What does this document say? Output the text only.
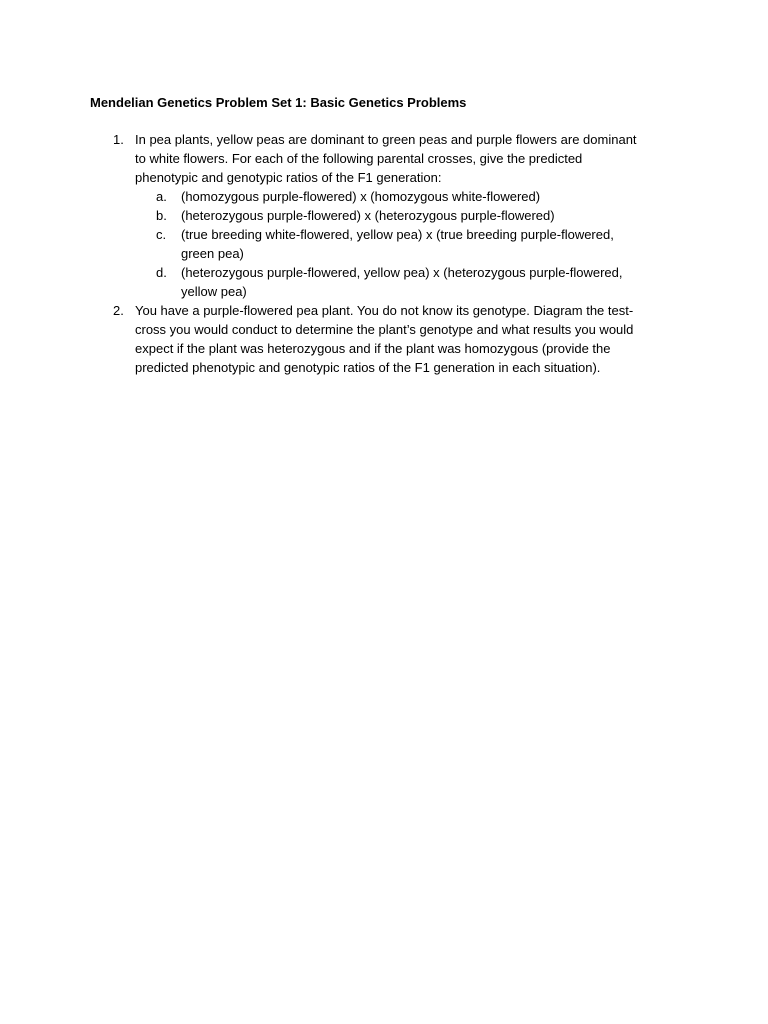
Mendelian Genetics Problem Set 1: Basic Genetics Problems
1. In pea plants, yellow peas are dominant to green peas and purple flowers are dominant
to white flowers. For each of the following parental crosses, give the predicted
phenotypic and genotypic ratios of the F1 generation:
a. (homozygous purple-flowered) x (homozygous white-flowered)
b. (heterozygous purple-flowered) x (heterozygous purple-flowered)
c. (true breeding white-flowered, yellow pea) x (true breeding purple-flowered,
green pea)
d. (heterozygous purple-flowered, yellow pea) x (heterozygous purple-flowered,
yellow pea)
2. You have a purple-flowered pea plant. You do not know its genotype. Diagram the test-
cross you would conduct to determine the plant’s genotype and what results you would
expect if the plant was heterozygous and if the plant was homozygous (provide the
predicted phenotypic and genotypic ratios of the F1 generation in each situation).
